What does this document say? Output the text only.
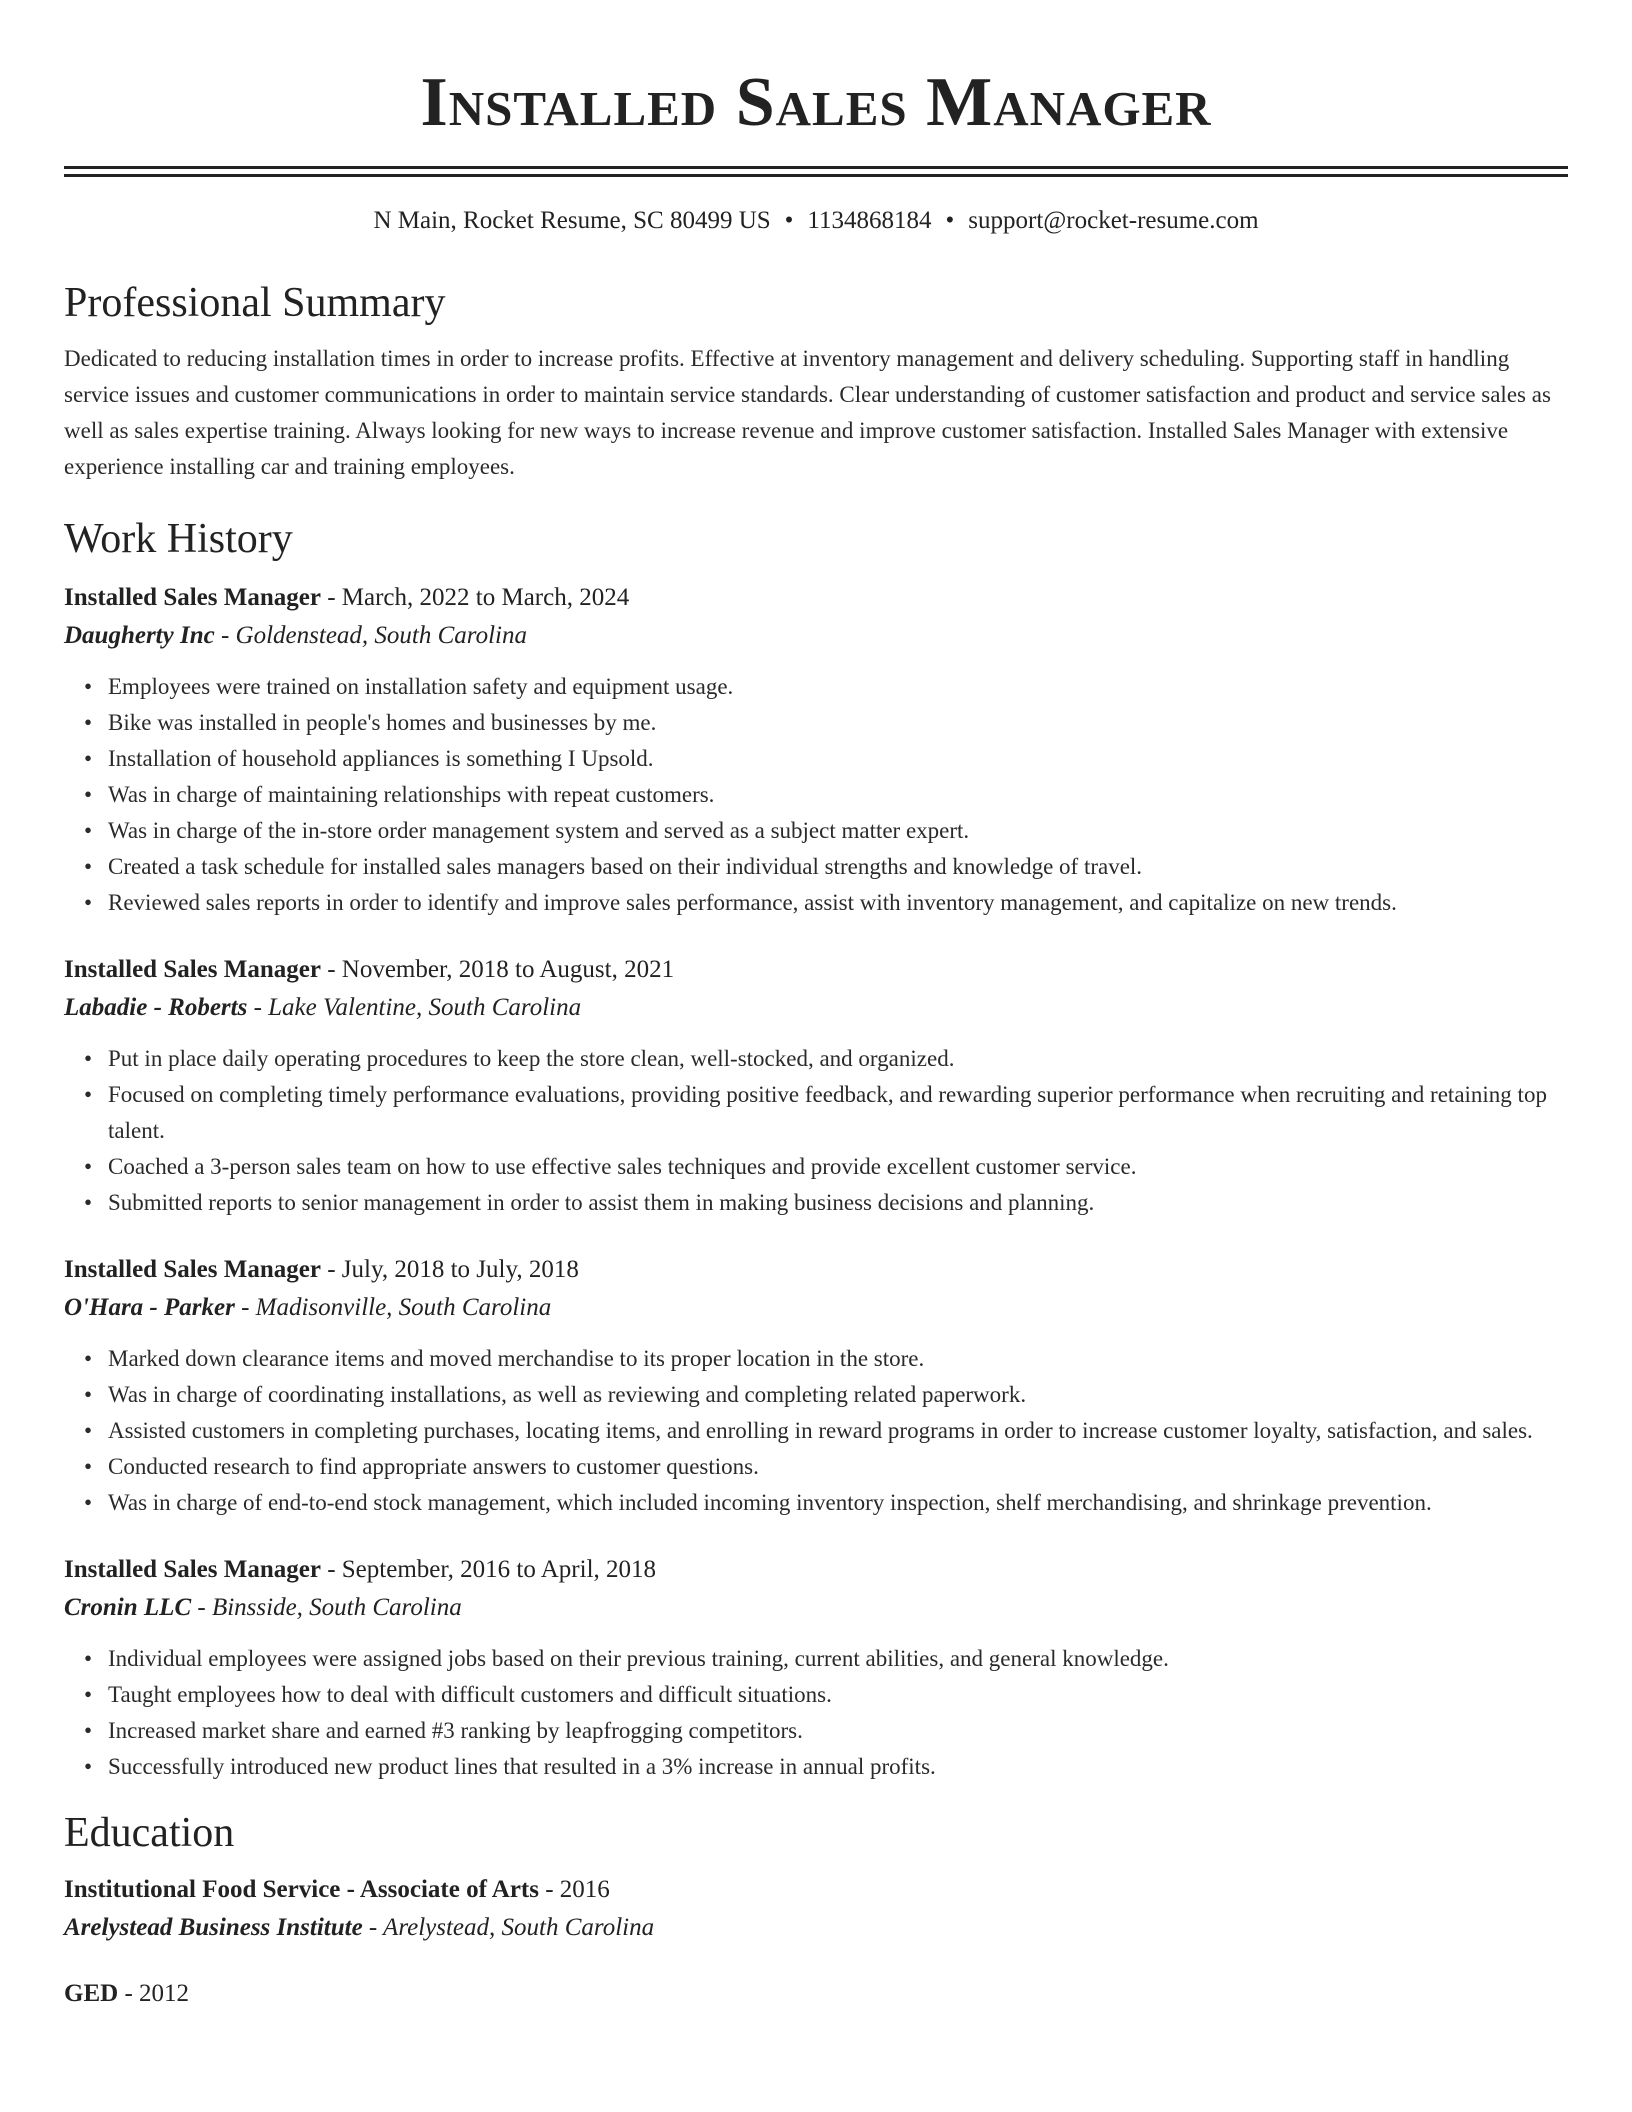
Installed Sales Manager
N Main, Rocket Resume, SC 80499 US • 1134868184 • support@rocket-resume.com
Professional Summary
Dedicated to reducing installation times in order to increase profits. Effective at inventory management and delivery scheduling. Supporting staff in handling service issues and customer communications in order to maintain service standards. Clear understanding of customer satisfaction and product and service sales as well as sales expertise training. Always looking for new ways to increase revenue and improve customer satisfaction. Installed Sales Manager with extensive experience installing car and training employees.
Work History
Installed Sales Manager - March, 2022 to March, 2024
Daugherty Inc - Goldenstead, South Carolina
• Employees were trained on installation safety and equipment usage.
• Bike was installed in people's homes and businesses by me.
• Installation of household appliances is something I Upsold.
• Was in charge of maintaining relationships with repeat customers.
• Was in charge of the in-store order management system and served as a subject matter expert.
• Created a task schedule for installed sales managers based on their individual strengths and knowledge of travel.
• Reviewed sales reports in order to identify and improve sales performance, assist with inventory management, and capitalize on new trends.
Installed Sales Manager - November, 2018 to August, 2021
Labadie - Roberts - Lake Valentine, South Carolina
• Put in place daily operating procedures to keep the store clean, well-stocked, and organized.
• Focused on completing timely performance evaluations, providing positive feedback, and rewarding superior performance when recruiting and retaining top talent.
• Coached a 3-person sales team on how to use effective sales techniques and provide excellent customer service.
• Submitted reports to senior management in order to assist them in making business decisions and planning.
Installed Sales Manager - July, 2018 to July, 2018
O'Hara - Parker - Madisonville, South Carolina
• Marked down clearance items and moved merchandise to its proper location in the store.
• Was in charge of coordinating installations, as well as reviewing and completing related paperwork.
• Assisted customers in completing purchases, locating items, and enrolling in reward programs in order to increase customer loyalty, satisfaction, and sales.
• Conducted research to find appropriate answers to customer questions.
• Was in charge of end-to-end stock management, which included incoming inventory inspection, shelf merchandising, and shrinkage prevention.
Installed Sales Manager - September, 2016 to April, 2018
Cronin LLC - Binsside, South Carolina
• Individual employees were assigned jobs based on their previous training, current abilities, and general knowledge.
• Taught employees how to deal with difficult customers and difficult situations.
• Increased market share and earned #3 ranking by leapfrogging competitors.
• Successfully introduced new product lines that resulted in a 3% increase in annual profits.
Education
Institutional Food Service - Associate of Arts - 2016
Arelystead Business Institute - Arelystead, South Carolina
GED - 2012
